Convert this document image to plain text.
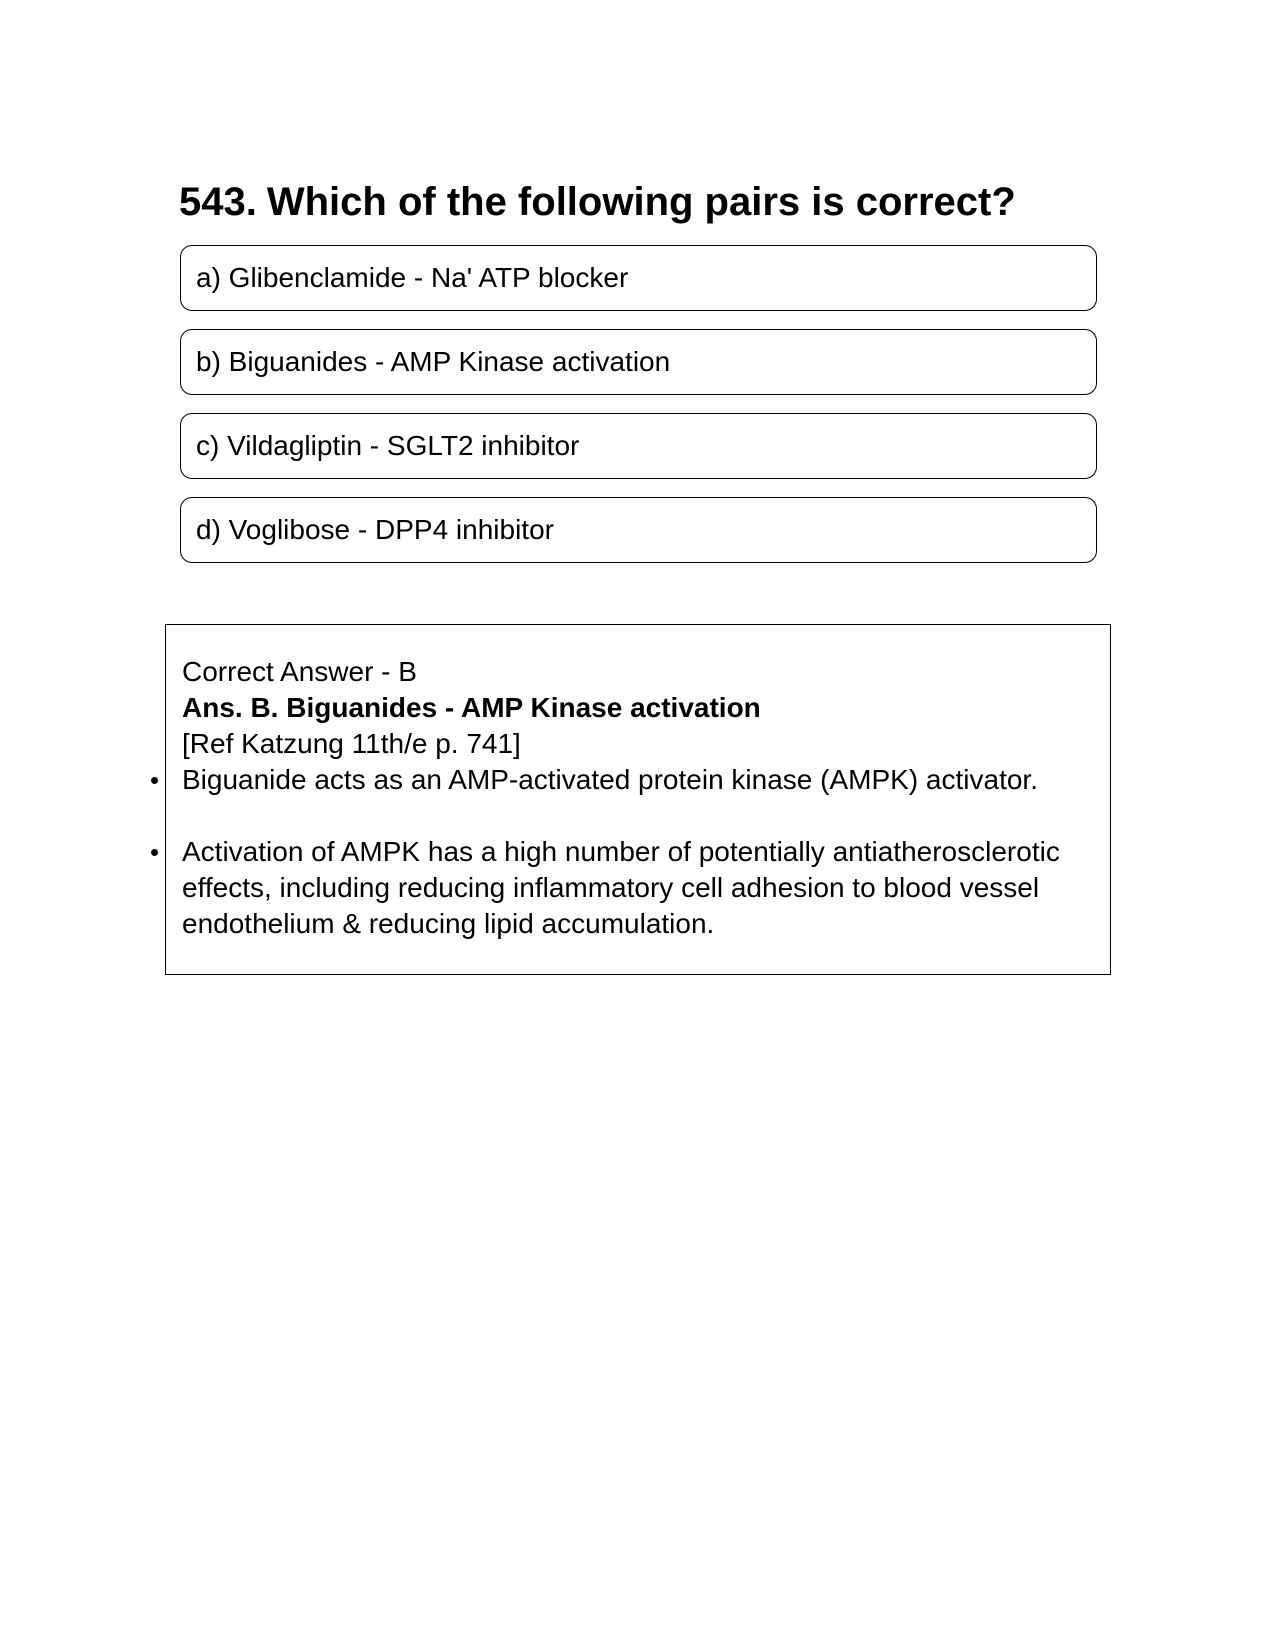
543. Which of the following pairs is correct?
a) Glibenclamide - Na' ATP blocker
b) Biguanides - AMP Kinase activation
c) Vildagliptin - SGLT2 inhibitor
d) Voglibose - DPP4 inhibitor
Correct Answer - B
Ans. B. Biguanides - AMP Kinase activation
[Ref Katzung 11th/e p. 741]
• Biguanide acts as an AMP-activated protein kinase (AMPK) activator.
• Activation of AMPK has a high number of potentially antiatherosclerotic effects, including reducing inflammatory cell adhesion to blood vessel endothelium & reducing lipid accumulation.
